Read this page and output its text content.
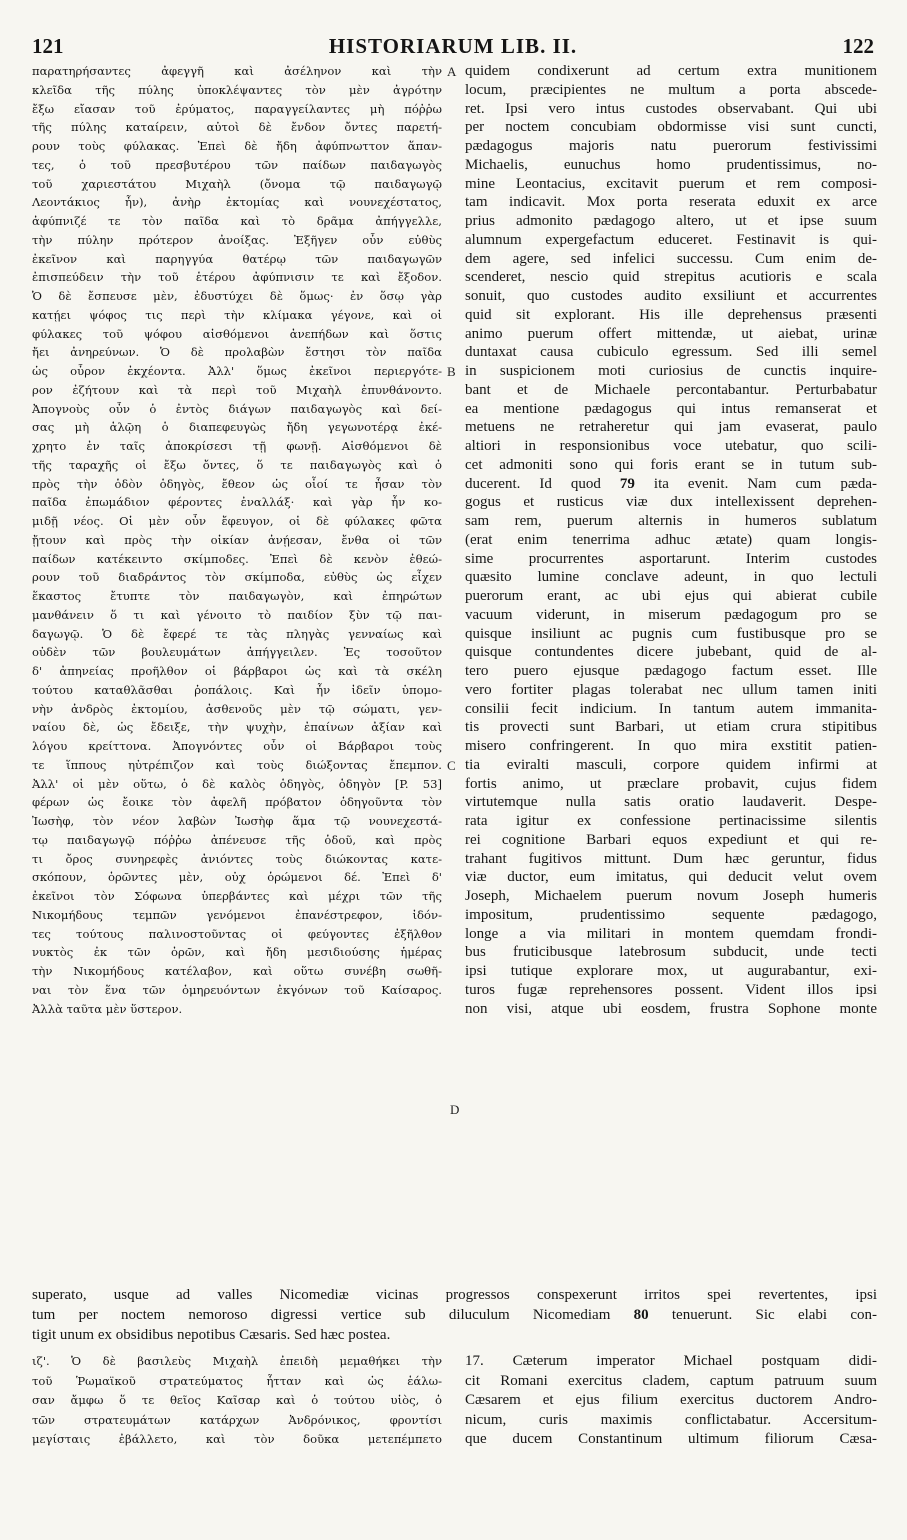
121	HISTORIARUM LIB. II.	122
παρατηρήσαντες ἀφεγγῆ καὶ ἀσέληνον καὶ τὴν
κλεῖδα τῆς πύλης ὑποκλέψαντες τὸν μὲν ἀγρότην
ἔξω εἴασαν τοῦ ἐρύματος, παραγγείλαντες μὴ πόῤῥω
τῆς πύλης καταίρειν, αὐτοὶ δὲ ἔνδον ὄντες παρετή-
ρουν τοὺς φύλακας. Ἐπεὶ δὲ ἤδη ἀφύπνωττον ἅπαν-
τες, ὁ τοῦ πρεσβυτέρου τῶν παίδων παιδαγωγὸς
τοῦ χαριεστάτου Μιχαὴλ (ὄνομα τῷ παιδαγωγῷ
Λεοντάκιος ἦν), ἀνὴρ ἐκτομίας καὶ νουνεχέστατος,
ἀφύπνιζέ τε τὸν παῖδα καὶ τὸ δρᾶμα ἀπήγγελλε,
τὴν πύλην πρότερον ἀνοίξας. Ἐξῆγεν οὖν εὐθὺς
ἐκεῖνον καὶ παρηγγύα θατέρῳ τῶν παιδαγωγῶν
ἐπισπεύδειν τὴν τοῦ ἑτέρου ἀφύπνισιν τε καὶ ἔξοδον.
Ὁ δὲ ἔσπευσε μὲν, ἐδυστύχει δὲ ὅμως· ἐν ὅσῳ γὰρ
κατῄει ψόφος τις περὶ τὴν κλίμακα γέγονε, καὶ οἱ
φύλακες τοῦ ψόφου αἰσθόμενοι ἀνεπήδων καὶ ὅστις
ἤει ἀνηρεύνων. Ὁ δὲ προλαβὼν ἔστησι τὸν παῖδα
ὡς οὖρον ἐκχέοντα. Ἀλλ' ὅμως ἐκεῖνοι περιεργότε-
ρον ἐζήτουν καὶ τὰ περὶ τοῦ Μιχαὴλ ἐπυνθάνοντο.
Ἀπογνοὺς οὖν ὁ ἐντὸς διάγων παιδαγωγὸς καὶ δεί-
σας μὴ ἁλῷη ὁ διαπεφευγὼς ἤδη γεγωνοτέρᾳ ἐκέ-
χρητο ἐν ταῖς ἀποκρίσεσι τῇ φωνῇ. Αἰσθόμενοι δὲ
τῆς ταραχῆς οἱ ἔξω ὄντες, ὅ τε παιδαγωγὸς καὶ ὁ
πρὸς τὴν ὁδὸν ὁδηγὸς, ἔθεον ὡς οἷοί τε ἦσαν τὸν
παῖδα ἐπωμάδιον φέροντες ἐναλλάξ· καὶ γὰρ ἦν κο-
μιδῇ νέος. Οἱ μὲν οὖν ἔφευγον, οἱ δὲ φύλακες φῶτα
ᾔτουν καὶ πρὸς τὴν οἰκίαν ἀνῄεσαν, ἔνθα οἱ τῶν
παίδων κατέκειντο σκίμποδες. Ἐπεὶ δὲ κενὸν ἐθεώ-
ρουν τοῦ διαδράντος τὸν σκίμποδα, εὐθὺς ὡς εἶχεν
ἕκαστος ἔτυπτε τὸν παιδαγωγὸν, καὶ ἐπηρώτων
μανθάνειν ὅ τι καὶ γένοιτο τὸ παιδίον ξὺν τῷ παι-
δαγωγῷ. Ὁ δὲ ἔφερέ τε τὰς πληγὰς γενναίως καὶ
οὐδὲν τῶν βουλευμάτων ἀπήγγειλεν. Ἐς τοσοῦτον
δ' ἀπηνείας προῆλθον οἱ βάρβαροι ὡς καὶ τὰ σκέλη
τούτου καταθλᾶσθαι ῥοπάλοις. Καὶ ἦν ἰδεῖν ὑπομο-
νὴν ἀνδρὸς ἐκτομίου, ἀσθενοῦς μὲν τῷ σώματι, γεν-
ναίου δὲ, ὡς ἔδειξε, τὴν ψυχὴν, ἐπαίνων ἀξίαν καὶ
λόγου κρείττονα. Ἀπογνόντες οὖν οἱ Βάρβαροι τοὺς
τε ἵππους ηὐτρέπιζον καὶ τοὺς διώξοντας ἔπεμπον.
Ἀλλ' οἱ μὲν οὕτω, ὁ δὲ καλὸς ὁδηγὸς, ὁδηγὸν [P. 53]
φέρων ὡς ἔοικε τὸν ἀφελῆ πρόβατον ὁδηγοῦντα τὸν
Ἰωσὴφ, τὸν νέον λαβὼν Ἰωσὴφ ἅμα τῷ νουνεχεστά-
τῳ παιδαγωγῷ πόῤῥω ἀπένευσε τῆς ὁδοῦ, καὶ πρὸς
τι ὄρος συνηρεφὲς ἀνιόντες τοὺς διώκοντας κατε-
σκόπουν, ὁρῶντες μὲν, οὐχ ὁρώμενοι δέ. Ἐπεὶ δ'
ἐκεῖνοι τὸν Σόφωνα ὑπερβάντες καὶ μέχρι τῶν τῆς
Νικομήδους τεμπῶν γενόμενοι ἐπανέστρεφον, ἰδόν-
τες τούτους παλινοστοῦντας οἱ φεύγοντες ἐξῆλθον
νυκτὸς ἐκ τῶν ὀρῶν, καὶ ἤδη μεσιδιούσης ἡμέρας
τὴν Νικομήδους κατέλαβον, καὶ οὕτω συνέβη σωθῆ-
ναι τὸν ἕνα τῶν ὁμηρευόντων ἐκγόνων τοῦ Καίσαρος.
Ἀλλὰ ταῦτα μὲν ὕστερον.
quidem condixerunt ad certum extra munitionem
locum, præcipientes ne multum a porta abscede-
ret. Ipsi vero intus custodes observabant. Qui ubi
per noctem concubiam obdormisse visi sunt cuncti,
pædagogus majoris natu puerorum festivissimi
Michaelis, eunuchus homo prudentissimus, no-
mine Leontacius, excitavit puerum et rem composi-
tam indicavit. Mox porta reserata eduxit ex arce
prius admonito pædagogo altero, ut et ipse suum
alumnum expergefactum educeret. Festinavit is qui-
dem agere, sed infelici successu. Cum enim de-
scenderet, nescio quid strepitus acutioris e scala
sonuit, quo custodes audito exsiliunt et accurrentes
quid sit explorant. His ille deprehensus præsenti
animo puerum offert mittendæ, ut aiebat, urinæ
duntaxat causa cubiculo egressum. Sed illi semel
in suspicionem moti curiosius de cunctis inquire-
bant et de Michaele percontabantur. Perturbabatur
ea mentione pædagogus qui intus remanserat et
metuens ne retraheretur qui jam evaserat, paulo
altiori in responsionibus voce utebatur, quo scili-
cet admoniti sono qui foris erant se in tutum sub-
ducerent. Id quod 79 ita evenit. Nam cum pæda-
gogus et rusticus viæ dux intellexissent deprehen-
sam rem, puerum alternis in humeros sublatum
(erat enim tenerrima adhuc ætate) quam longis-
sime procurrentes asportarunt. Interim custodes
quæsito lumine conclave adeunt, in quo lectuli
puerorum erant, ac ubi ejus qui abierat cubile
vacuum viderunt, in miserum pædagogum pro se
quisque insiliunt ac pugnis cum fustibusque pro se
quisque contundentes dicere jubebant, quid de al-
tero puero ejusque pædagogo factum esset. Ille
vero fortiter plagas tolerabat nec ullum tamen initi
consilii fecit indicium. In tantum autem immanita-
tis provecti sunt Barbari, ut etiam crura stipitibus
misero confringerent. In quo mira exstitit patien-
tia eviralti masculi, corpore quidem infirmi at
fortis animo, ut præclare probavit, cujus fidem
virtutemque nulla satis oratio laudaverit. Despe-
rata igitur ex confessione pertinacissime silentis
rei cognitione Barbari equos expediunt et qui re-
trahant fugitivos mittunt. Dum hæc geruntur, fidus
viæ ductor, eum imitatus, qui deducit velut ovem
Joseph, Michaelem puerum novum Joseph humeris
impositum, prudentissimo sequente pædagogo,
longe a via militari in montem quemdam frondi-
bus fruticibusque latebrosum subducit, unde tecti
ipsi tutique explorare mox, ut augurabantur, exi-
turos fugæ reprehensores possent. Vident illos ipsi
non visi, atque ubi eosdem, frustra Sophone monte
A
B
C
D
superato, usque ad valles Nicomediæ vicinas progressos conspexerunt irritos spei revertentes, ipsi
tum per noctem nemoroso digressi vertice sub diluculum Nicomediam 80 tenuerunt. Sic elabi con-
tigit unum ex obsidibus nepotibus Cæsaris. Sed hæc postea.
ιζ'. Ὁ δὲ βασιλεὺς Μιχαὴλ ἐπειδὴ μεμαθήκει τὴν
τοῦ Ῥωμαϊκοῦ στρατεύματος ἧτταν καὶ ὡς ἑάλω-
σαν ἄμφω ὅ τε θεῖος Καῖσαρ καὶ ὁ τούτου υἱὸς, ὁ
τῶν στρατευμάτων κατάρχων Ἀνδρόνικος, φροντίσι
μεγίσταις ἐβάλλετο, καὶ τὸν δοῦκα μετεπέμπετο
17. Cæterum imperator Michael postquam didi-
cit Romani exercitus cladem, captum patruum suum
Cæsarem et ejus filium exercitus ductorem Andro-
nicum, curis maximis conflictabatur. Accersitum-
que ducem Constantinum ultimum filiorum Cæsa-
